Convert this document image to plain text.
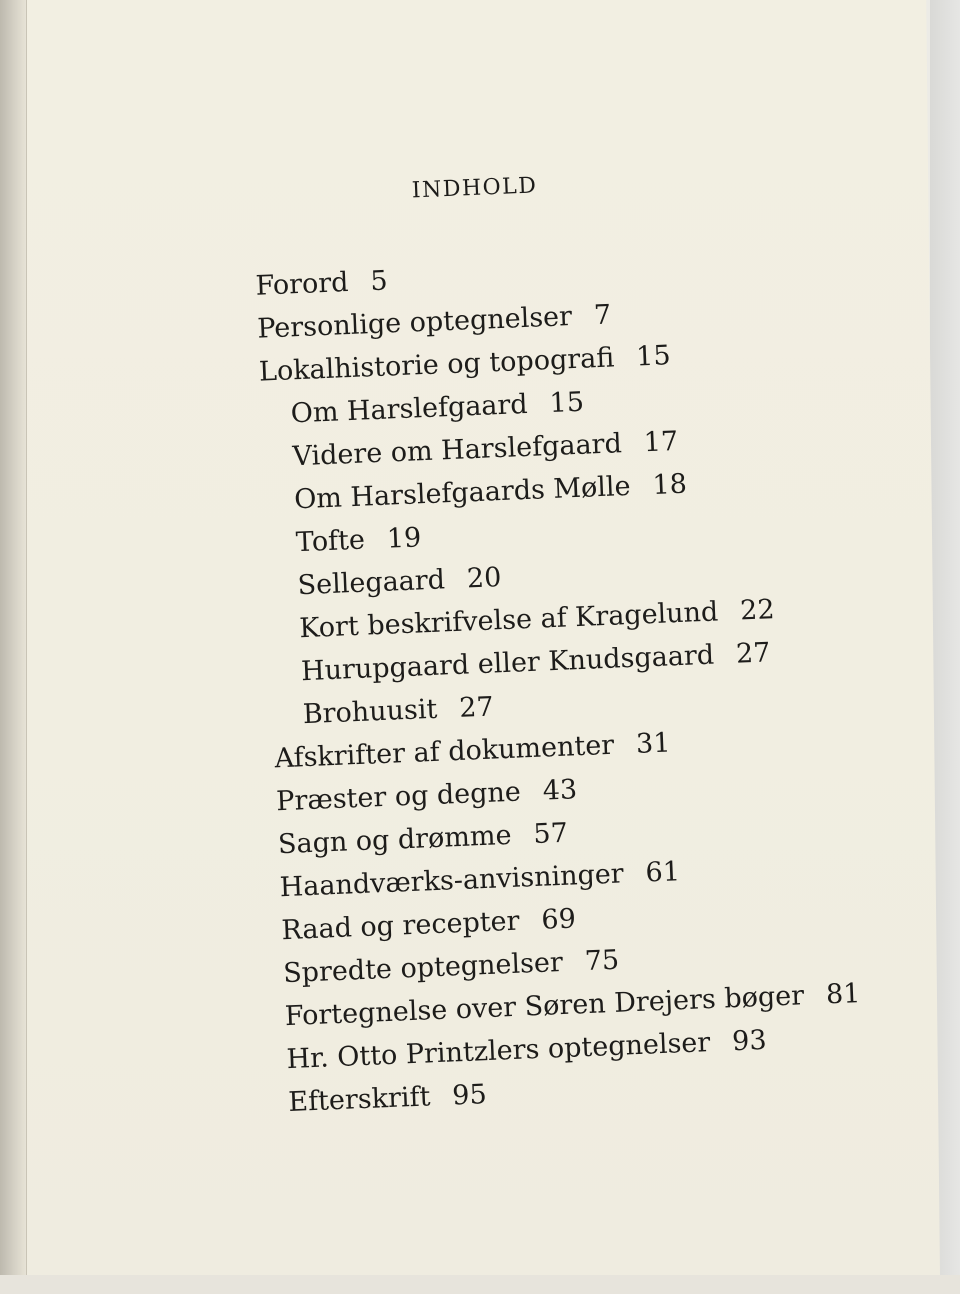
INDHOLD
Forord 5
Personlige optegnelser 7
Lokalhistorie og topografi 15
Om Harslefgaard 15
Videre om Harslefgaard 17
Om Harslefgaards Mølle 18
Tofte 19
Sellegaard 20
Kort beskrifvelse af Kragelund 22
Hurupgaard eller Knudsgaard 27
Brohuusit 27
Afskrifter af dokumenter 31
Præster og degne 43
Sagn og drømme 57
Haandværks-anvisninger 61
Raad og recepter 69
Spredte optegnelser 75
Fortegnelse over Søren Drejers bøger 81
Hr. Otto Printzlers optegnelser 93
Efterskrift 95
